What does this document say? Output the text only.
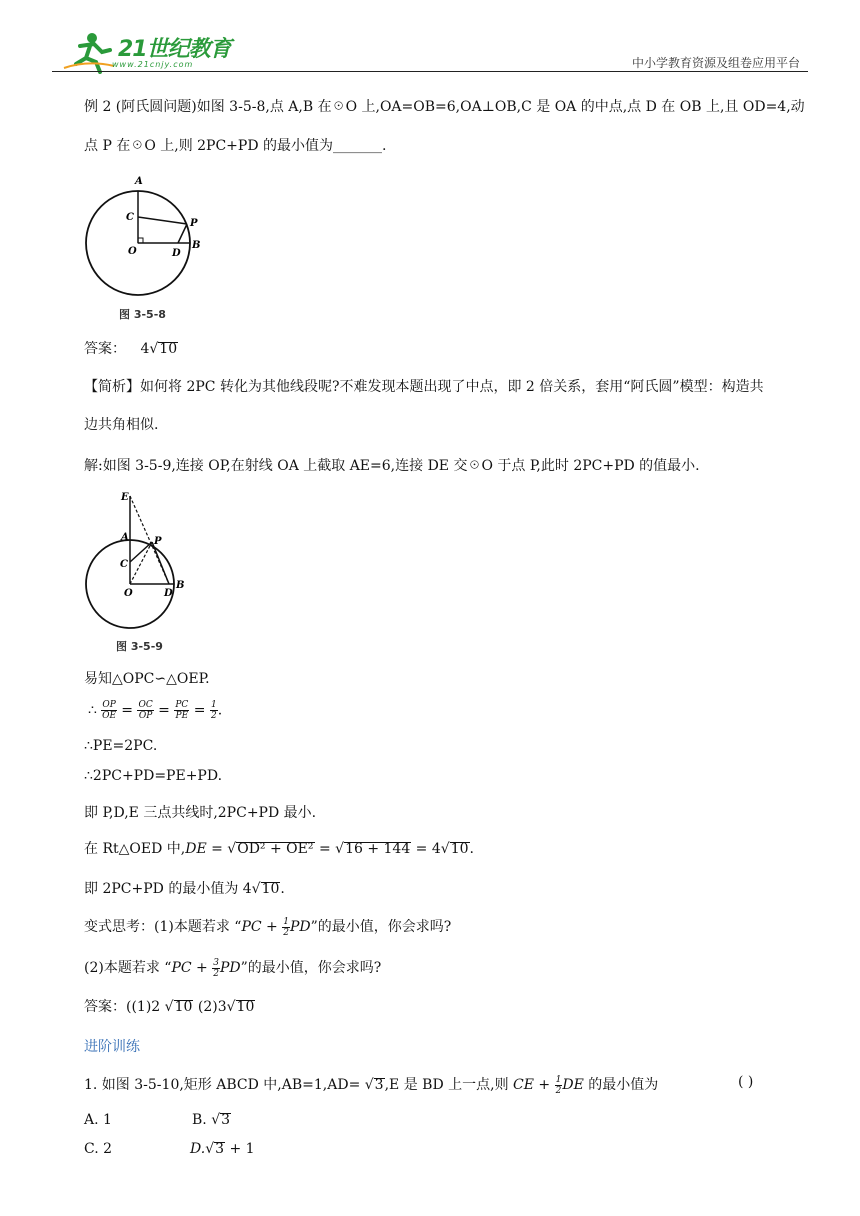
21世纪教育
www.21cnjy.com	中小学教育资源及组卷应用平台
例 2 (阿氏圆问题)如图 3-5-8,点 A,B 在☉O 上,OA=OB=6,OA⊥OB,C 是 OA 的中点,点 D 在 OB 上,且 OD=4,动
点 P 在☉O 上,则 2PC+PD 的最小值为_______.
A
C
P
O	D
B
图 3-5-8
答案： 4√10
【简析】如何将 2PC 转化为其他线段呢?不难发现本题出现了中点，即 2 倍关系，套用“阿氏圆”模型：构造共
边共角相似.
解:如图 3-5-9,连接 OP,在射线 OA 上截取 AE=6,连接 DE 交☉O 于点 P,此时 2PC+PD 的值最小.
E
A	P
C
O	D
B
图 3-5-9
易知△OPC∽△OEP.
∴ $\frac{OP}{OE} = \frac{OC}{OP} = \frac{PC}{PE} = \frac{1}{2}$ .
∴PE=2PC.
∴2PC+PD=PE+PD.
即 P,D,E 三点共线时,2PC+PD 最小.
在 Rt△OED 中,DE = √OD² + OE² = √16 + 144 = 4√10.
即 2PC+PD 的最小值为 4√10.
变式思考：(1)本题若求 “PC + $\frac{1}{2}$ PD”的最小值，你会求吗?
(2)本题若求 “PC + $\frac{3}{2}$ PD”的最小值，你会求吗?
答案：((1)2 √10 (2)3√10
进阶训练
1. 如图 3-5-10,矩形 ABCD 中,AB=1,AD= √3,E 是 BD 上一点,则 CE + $\frac{1}{2}$ DE 的最小值为	( )
A. 1	B. √3
C. 2	D.√3 + 1
